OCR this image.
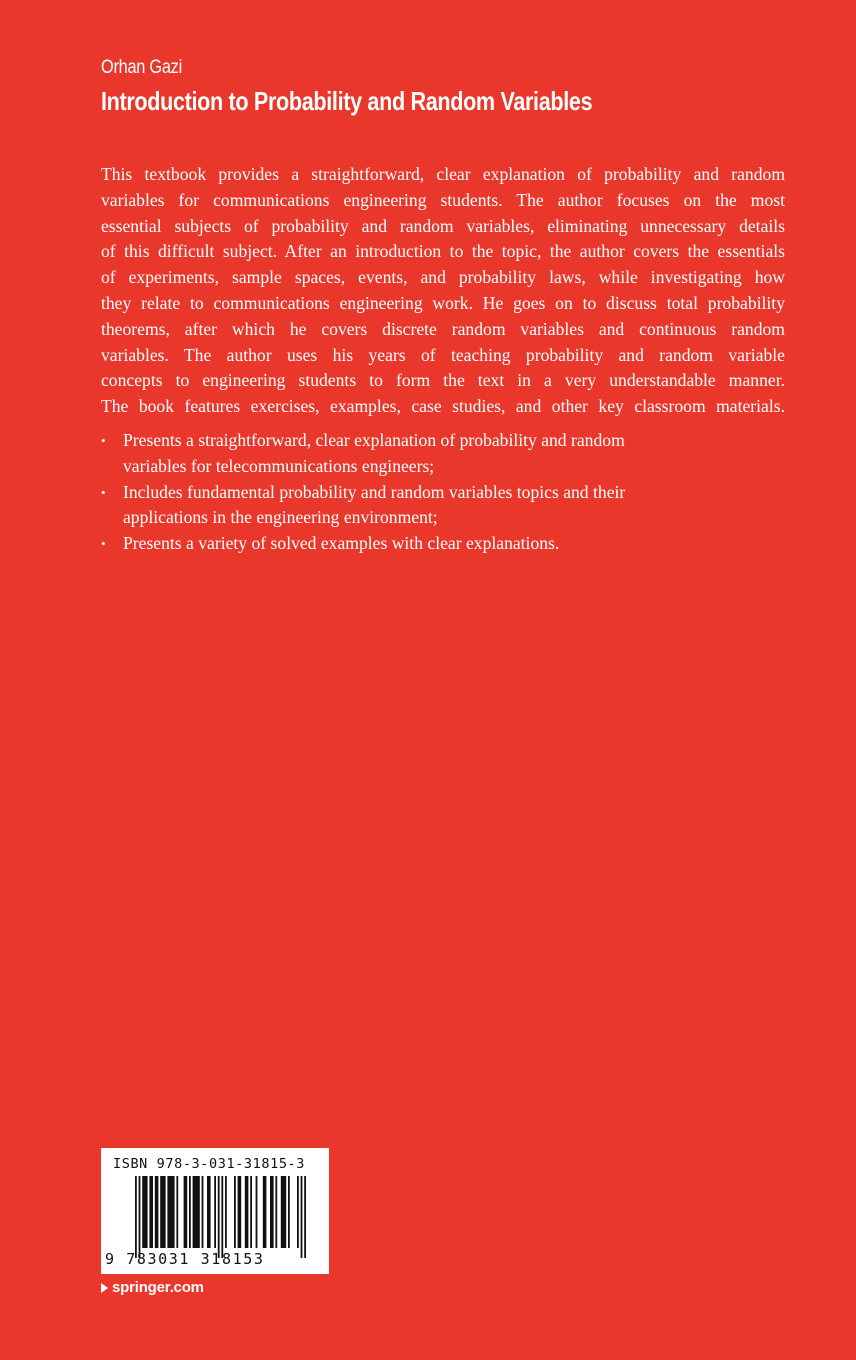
Orhan Gazi
Introduction to Probability and Random Variables
This textbook provides a straightforward, clear explanation of probability and random
variables for communications engineering students. The author focuses on the most
essential subjects of probability and random variables, eliminating unnecessary details
of this difficult subject. After an introduction to the topic, the author covers the essentials
of experiments, sample spaces, events, and probability laws, while investigating how
they relate to communications engineering work. He goes on to discuss total probability
theorems, after which he covers discrete random variables and continuous random
variables. The author uses his years of teaching probability and random variable
concepts to engineering students to form the text in a very understandable manner.
The book features exercises, examples, case studies, and other key classroom materials.
• Presents a straightforward, clear explanation of probability and random
variables for telecommunications engineers;
• Includes fundamental probability and random variables topics and their
applications in the engineering environment;
• Presents a variety of solved examples with clear explanations.
ISBN 978-3-031-31815-3
9 783031 318153
springer.com
